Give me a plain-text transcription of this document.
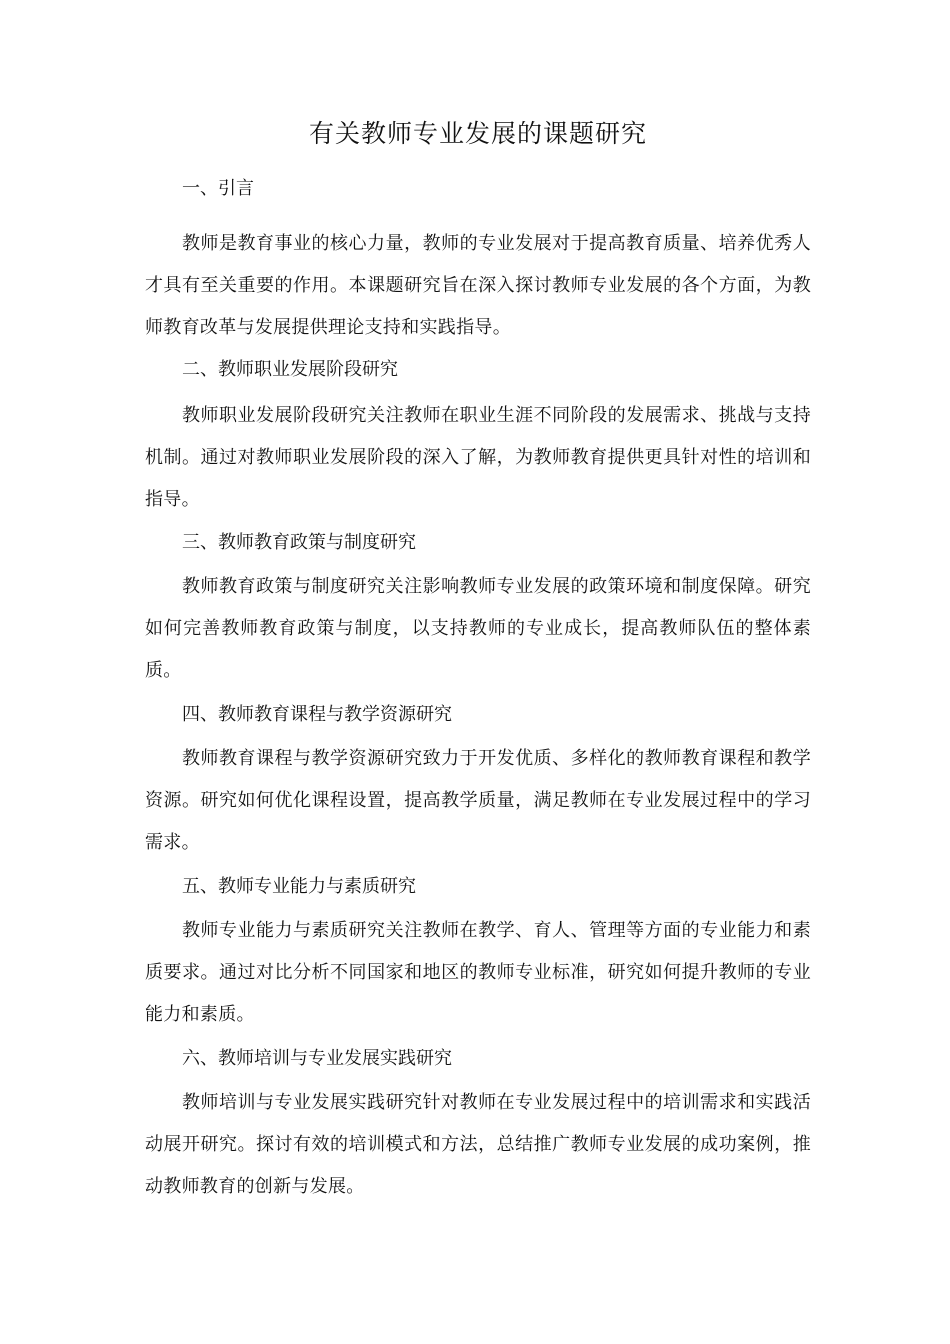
有关教师专业发展的课题研究
一、引言

教师是教育事业的核心力量，教师的专业发展对于提高教育质量、培养优秀人才具有至关重要的作用。本课题研究旨在深入探讨教师专业发展的各个方面，为教师教育改革与发展提供理论支持和实践指导。

二、教师职业发展阶段研究

教师职业发展阶段研究关注教师在职业生涯不同阶段的发展需求、挑战与支持机制。通过对教师职业发展阶段的深入了解，为教师教育提供更具针对性的培训和指导。

三、教师教育政策与制度研究

教师教育政策与制度研究关注影响教师专业发展的政策环境和制度保障。研究如何完善教师教育政策与制度，以支持教师的专业成长，提高教师队伍的整体素质。

四、教师教育课程与教学资源研究

教师教育课程与教学资源研究致力于开发优质、多样化的教师教育课程和教学资源。研究如何优化课程设置，提高教学质量，满足教师在专业发展过程中的学习需求。

五、教师专业能力与素质研究

教师专业能力与素质研究关注教师在教学、育人、管理等方面的专业能力和素质要求。通过对比分析不同国家和地区的教师专业标准，研究如何提升教师的专业能力和素质。

六、教师培训与专业发展实践研究

教师培训与专业发展实践研究针对教师在专业发展过程中的培训需求和实践活动展开研究。探讨有效的培训模式和方法，总结推广教师专业发展的成功案例，推动教师教育的创新与发展。
